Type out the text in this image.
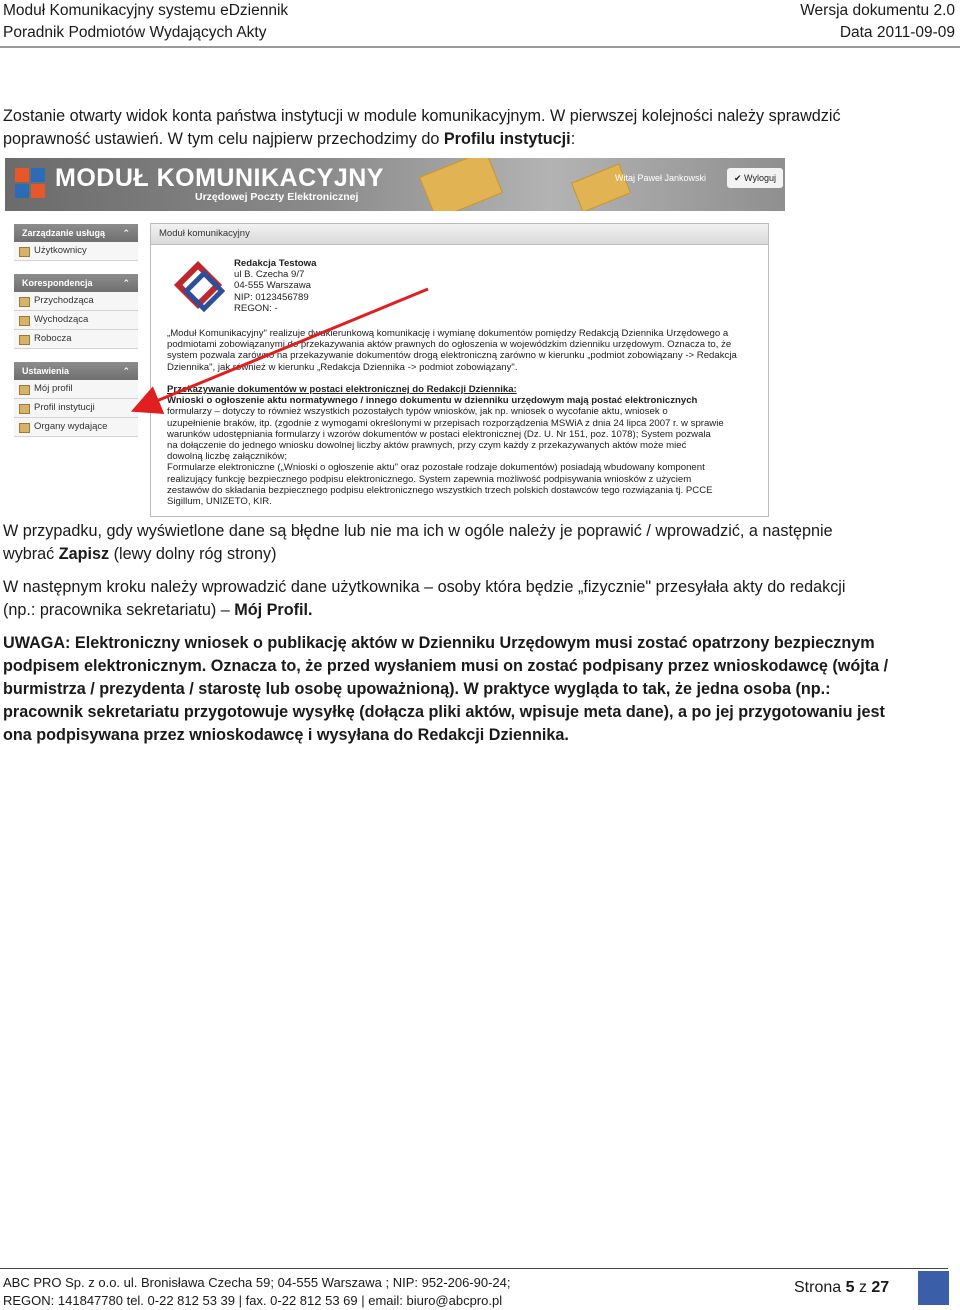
Moduł Komunikacyjny systemu eDziennik
Poradnik Podmiotów Wydających Akty
Wersja dokumentu 2.0
Data 2011-09-09
Zostanie otwarty widok konta państwa instytucji w module komunikacyjnym. W pierwszej kolejności należy sprawdzić
poprawność ustawień. W tym celu najpierw przechodzimy do Profilu instytucji:
MODUŁ KOMUNIKACYJNY
Urzędowej Poczty Elektronicznej
Witaj Paweł Jankowski	✔ Wyloguj
Zarządzanie usługą ⌃
Użytkownicy
Korespondencja	⌃
Przychodząca
Wychodząca
Robocza
Ustawienia	⌃
Mój profil
Profil instytucji
Organy wydające
Moduł komunikacyjny
Redakcja Testowa
ul B. Czecha 9/7
04-555 Warszawa
NIP: 0123456789
REGON: -
„Moduł Komunikacyjny" realizuje dwukierunkową komunikację i wymianę dokumentów pomiędzy Redakcją Dziennika Urzędowego a
podmiotami zobowiązanymi do przekazywania aktów prawnych do ogłoszenia w wojewódzkim dzienniku urzędowym. Oznacza to, że
system pozwala zarówno na przekazywanie dokumentów drogą elektroniczną zarówno w kierunku „podmiot zobowiązany -> Redakcja
Dziennika", jak również w kierunku „Redakcja Dziennika -> podmiot zobowiązany".
Przekazywanie dokumentów w postaci elektronicznej do Redakcji Dziennika:
Wnioski o ogłoszenie aktu normatywnego / innego dokumentu w dzienniku urzędowym mają postać elektronicznych
formularzy – dotyczy to również wszystkich pozostałych typów wniosków, jak np. wniosek o wycofanie aktu, wniosek o
uzupełnienie braków, itp. (zgodnie z wymogami określonymi w przepisach rozporządzenia MSWiA z dnia 24 lipca 2007 r. w sprawie
warunków udostępniania formularzy i wzorów dokumentów w postaci elektronicznej (Dz. U. Nr 151, poz. 1078); System pozwala
na dołączenie do jednego wniosku dowolnej liczby aktów prawnych, przy czym każdy z przekazywanych aktów może mieć
dowolną liczbę załączników;
Formularze elektroniczne („Wnioski o ogłoszenie aktu" oraz pozostałe rodzaje dokumentów) posiadają wbudowany komponent
realizujący funkcję bezpiecznego podpisu elektronicznego. System zapewnia możliwość podpisywania wniosków z użyciem
zestawów do składania bezpiecznego podpisu elektronicznego wszystkich trzech polskich dostawców tego rozwiązania tj. PCCE
Sigillum, UNIZETO, KIR.
W przypadku, gdy wyświetlone dane są błędne lub nie ma ich w ogóle należy je poprawić / wprowadzić, a następnie
wybrać Zapisz (lewy dolny róg strony)
W następnym kroku należy wprowadzić dane użytkownika – osoby która będzie „fizycznie" przesyłała akty do redakcji
(np.: pracownika sekretariatu) – Mój Profil.
UWAGA: Elektroniczny wniosek o publikację aktów w Dzienniku Urzędowym musi zostać opatrzony bezpiecznym
podpisem elektronicznym. Oznacza to, że przed wysłaniem musi on zostać podpisany przez wnioskodawcę (wójta /
burmistrza / prezydenta / starostę lub osobę upoważnioną). W praktyce wygląda to tak, że jedna osoba (np.:
pracownik sekretariatu przygotowuje wysyłkę (dołącza pliki aktów, wpisuje meta dane), a po jej przygotowaniu jest
ona podpisywana przez wnioskodawcę i wysyłana do Redakcji Dziennika.
ABC PRO Sp. z o.o. ul. Bronisława Czecha 59; 04-555 Warszawa ; NIP: 952-206-90-24;
REGON: 141847780 tel. 0-22 812 53 39 | fax. 0-22 812 53 69 | email: biuro@abcpro.pl
Strona 5 z 27
